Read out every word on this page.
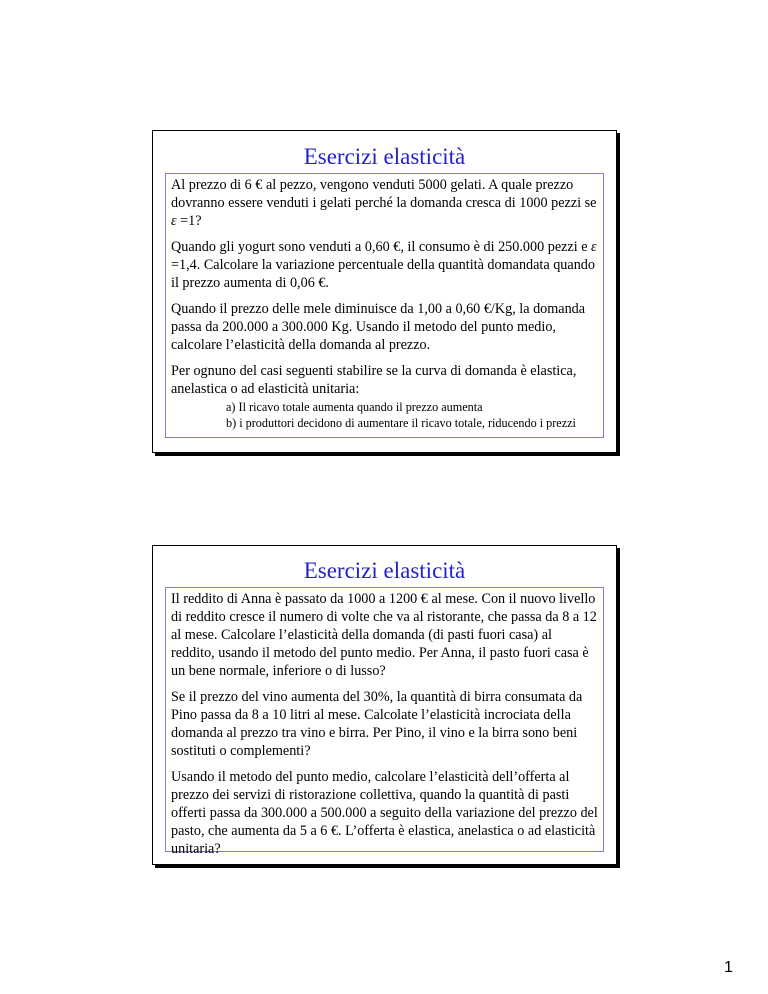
Esercizi elasticità

Al prezzo di 6 € al pezzo, vengono venduti 5000 gelati. A quale prezzo dovranno essere venduti i gelati perché la domanda cresca di 1000 pezzi se ε =1?

Quando gli yogurt sono venduti a 0,60 €, il consumo è di 250.000 pezzi e ε =1,4. Calcolare la variazione percentuale della quantità domandata quando il prezzo aumenta di 0,06 €.

Quando il prezzo delle mele diminuisce da 1,00 a 0,60 €/Kg, la domanda passa da 200.000 a 300.000 Kg. Usando il metodo del punto medio, calcolare l’elasticità della domanda al prezzo.

Per ognuno del casi seguenti stabilire se la curva di domanda è elastica, anelastica o ad elasticità unitaria:

a) Il ricavo totale aumenta quando il prezzo aumenta
b) i produttori decidono di aumentare il ricavo totale, riducendo i prezzi
Esercizi elasticità

Il reddito di Anna è passato da 1000 a 1200 € al mese. Con il nuovo livello di reddito cresce il numero di volte che va al ristorante, che passa da 8 a 12 al mese. Calcolare l’elasticità della domanda (di pasti fuori casa) al reddito, usando il metodo del punto medio. Per Anna, il pasto fuori casa è un bene normale, inferiore o di lusso?

Se il prezzo del vino aumenta del 30%, la quantità di birra consumata da Pino passa da 8 a 10 litri al mese. Calcolate l’elasticità incrociata della domanda al prezzo tra vino e birra. Per Pino, il vino e la birra sono beni sostituti o complementi?

Usando il metodo del punto medio, calcolare l’elasticità dell’offerta al prezzo dei servizi di ristorazione collettiva, quando la quantità di pasti offerti passa da 300.000 a 500.000 a seguito della variazione del prezzo del pasto, che aumenta da 5 a 6 €. L’offerta è elastica, anelastica o ad elasticità unitaria?

1
